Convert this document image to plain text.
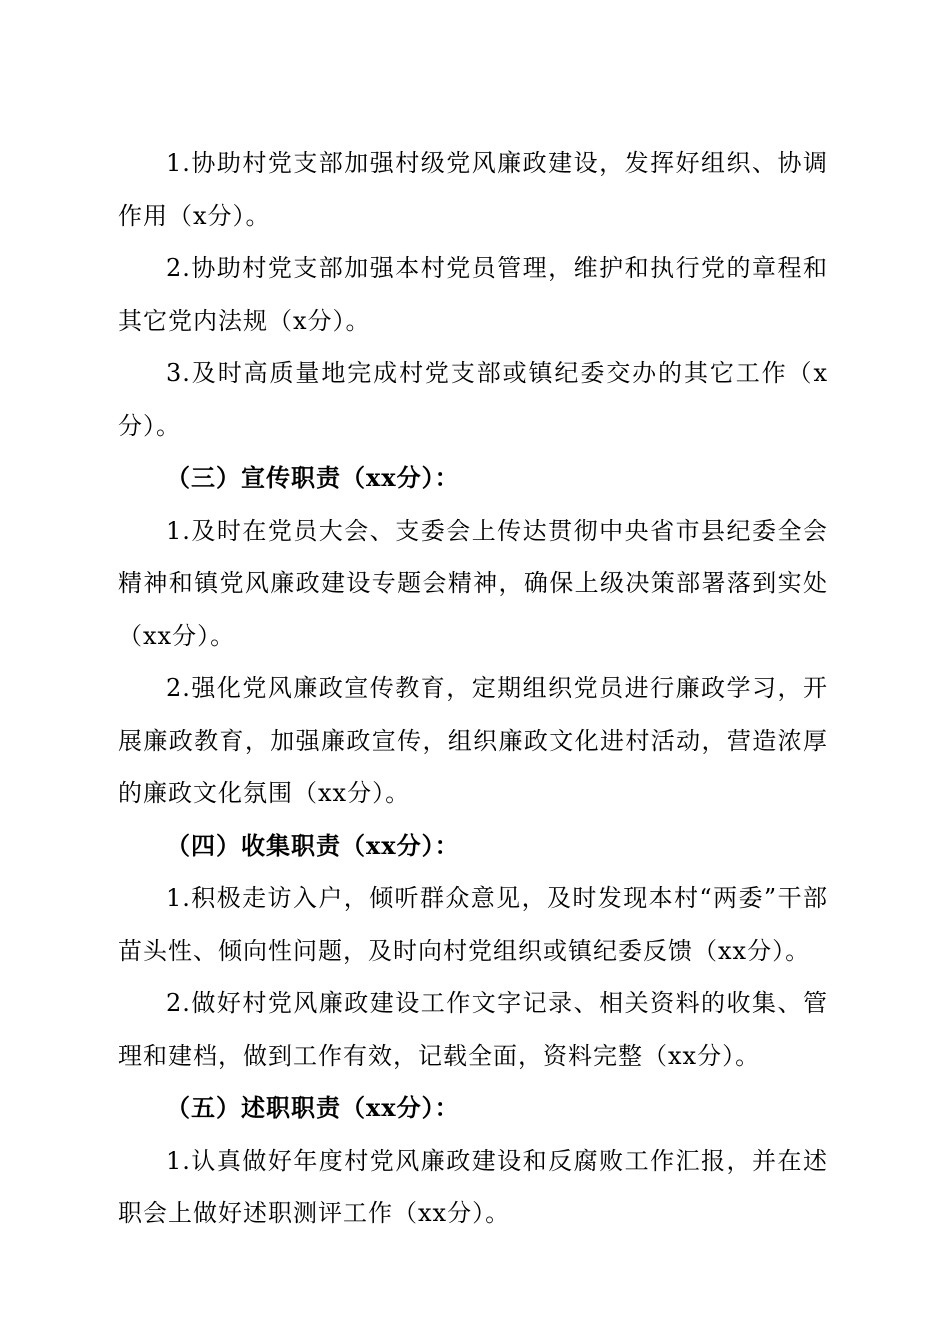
1.协助村党支部加强村级党风廉政建设，发挥好组织、协调作用（x分）。

2.协助村党支部加强本村党员管理，维护和执行党的章程和其它党内法规（x分）。

3.及时高质量地完成村党支部或镇纪委交办的其它工作（x分）。

（三）宣传职责（xx分）：

1.及时在党员大会、支委会上传达贯彻中央省市县纪委全会精神和镇党风廉政建设专题会精神，确保上级决策部署落到实处（xx分）。

2.强化党风廉政宣传教育，定期组织党员进行廉政学习，开展廉政教育，加强廉政宣传，组织廉政文化进村活动，营造浓厚的廉政文化氛围（xx分）。

（四）收集职责（xx分）：

1.积极走访入户，倾听群众意见，及时发现本村“两委”干部苗头性、倾向性问题，及时向村党组织或镇纪委反馈（xx分）。

2.做好村党风廉政建设工作文字记录、相关资料的收集、管理和建档，做到工作有效，记载全面，资料完整（xx分）。

（五）述职职责（xx分）：

1.认真做好年度村党风廉政建设和反腐败工作汇报，并在述职会上做好述职测评工作（xx分）。
